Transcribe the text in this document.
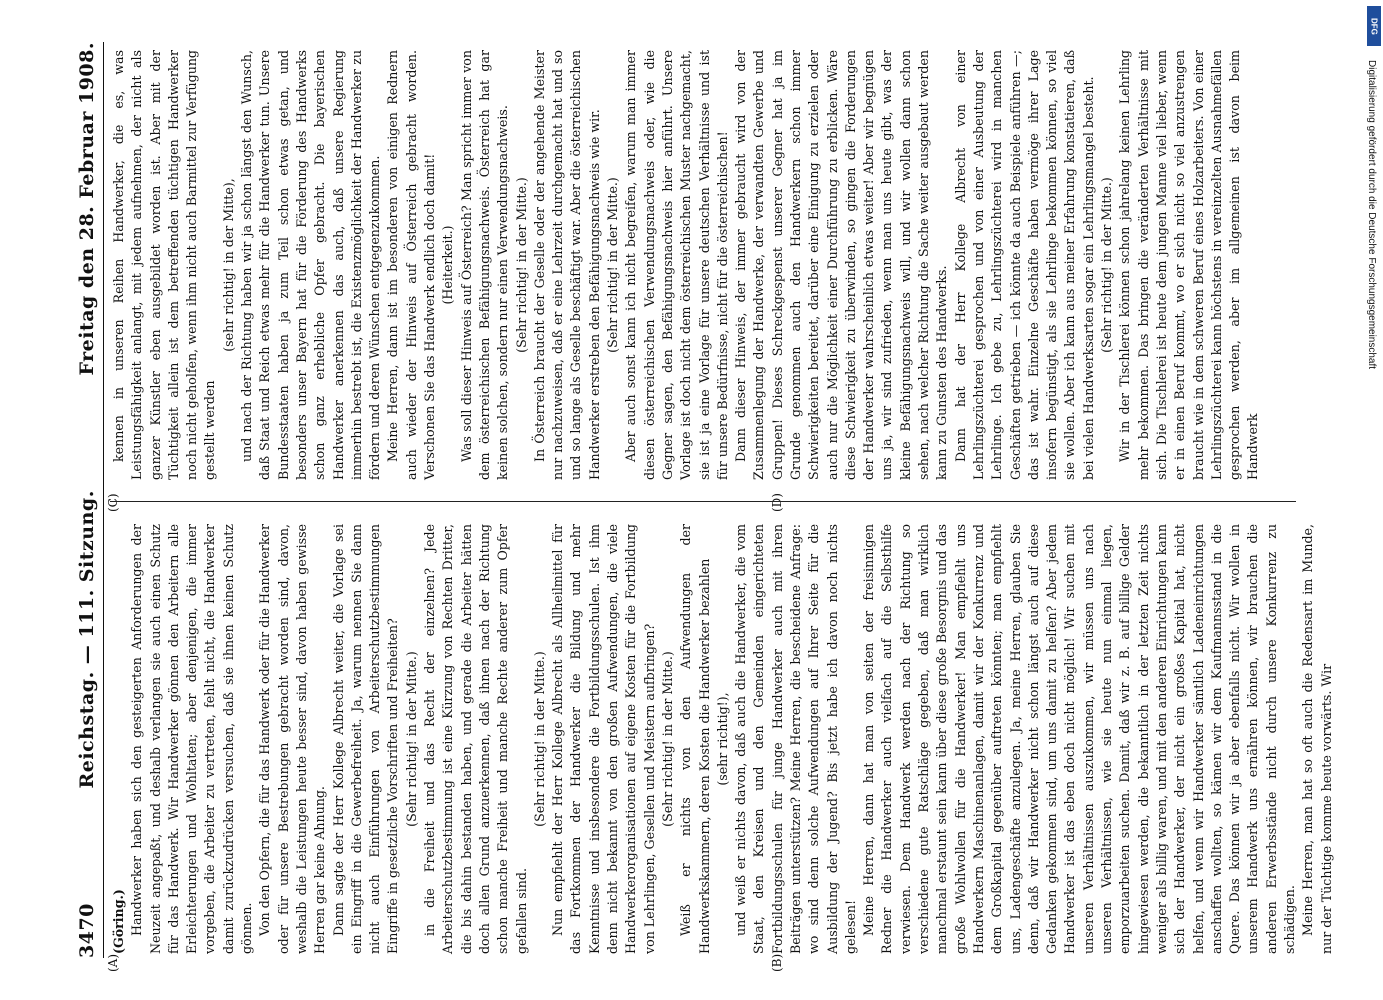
3470
Reichstag. — 111. Sitzung.
Freitag den 28. Februar 1908.
(A)	(B)
(C)	(D)

(Göring.) Handwerker haben sich den gesteigerten Anforderungen der Neuzeit angepaßt, und deshalb verlangen sie auch einen Schutz für das Handwerk. Wir Handwerker gönnen den Arbeitern alle Erleichterungen und Wohltaten; aber denjenigen, die immer vorgeben, die Arbeiter zu vertreten, fehlt nicht, die Handwerker damit zurückzudrücken versuchen, daß sie ihnen keinen Schutz gönnen. Von den Opfern, die für das Handwerk oder für die Handwerker oder für unsere Bestrebungen gebracht worden sind, davon, weshalb die Leistungen heute besser sind, davon haben gewisse Herren gar keine Ahnung. Dann sagte der Herr Kollege Albrecht weiter, die Vorlage sei ein Eingriff in die Gewerbefreiheit. Ja, warum nennen Sie dann nicht auch Einführungen von Arbeiterschutzbestimmungen Eingriffe in gesetzliche Vorschriften und Freiheiten? (Sehr richtig! in der Mitte.) in die Freiheit und das Recht der einzelnen? Jede Arbeiterschutzbestimmung ist eine Kürzung von Rechten Dritter, die bis dahin bestanden haben, und gerade die Arbeiter hätten doch allen Grund anzuerkennen, daß ihnen nach der Richtung schon manche Freiheit und manche Rechte anderer zum Opfer gefallen sind.

(Sehr richtig! in der Mitte.) Nun empfiehlt der Herr Kollege Albrecht als Allheilmittel für das Fortkommen der Handwerker die Bildung und mehr Kenntnisse und insbesondere die Fortbildungsschulen. Ist ihm denn nicht bekannt von den großen Aufwendungen, die viele Handwerkerorganisationen auf eigene Kosten für die Fortbildung von Lehrlingen, Gesellen und Meistern aufbringen? (Sehr richtig! in der Mitte.) Weiß er nichts von den Aufwendungen der Handwerkskammern, deren Kosten die Handwerker bezahlen (sehr richtig!), und weiß er nichts davon, daß auch die Handwerker, die vom Staat, den Kreisen und den Gemeinden eingerichteten Fortbildungsschulen für junge Handwerker auch mit ihren Beiträgen unterstützen? Meine Herren, die bescheidene Anfrage: wo sind denn solche Aufwendungen auf Ihrer Seite für die Ausbildung der Jugend? Bis jetzt habe ich davon noch nichts gelesen! Meine Herren, dann hat man von seiten der freisinnigen Redner die Handwerker auch vielfach auf die Selbsthilfe verwiesen. Dem Handwerk werden nach der Richtung so verschiedene gute Ratschläge gegeben, daß man wirklich manchmal erstaunt sein kann über diese große Besorgnis und das große Wohlwollen für die Handwerker! Man empfiehlt uns Handwerkern Maschinenanlagen, damit wir der Konkurrenz und dem Großkapital gegenüber auftreten könnten; man empfiehlt uns, Ladengeschäfte anzulegen. Ja, meine Herren, glauben Sie denn, daß wir Handwerker nicht schon längst auch auf diese Gedanken gekommen sind, um uns damit zu helfen? Aber jedem Handwerker ist das eben doch nicht möglich! Wir suchen mit unseren Verhältnissen auszukommen, wir müssen uns nach unseren Verhältnissen, wie sie heute nun einmal liegen, emporzuarbeiten suchen. Damit, daß wir z. B. auf billige Gelder hingewiesen werden, die bekanntlich in der letzten Zeit nichts weniger als billig waren, und mit den anderen Einrichtungen kann sich der Handwerker, der nicht ein großes Kapital hat, nicht helfen, und wenn wir Handwerker sämtlich Ladeneinrichtungen anschaffen wollten, so kämen wir dem Kaufmannsstand in die Quere. Das können wir ja aber ebenfalls nicht. Wir wollen in unserem Handwerk uns ernähren können, wir brauchen die anderen Erwerbsstände nicht durch unsere Konkurrenz zu schädigen. Meine Herren, man hat so oft auch die Redensart im Munde, nur der Tüchtige komme heute vorwärts. Wir

kennen in unseren Reihen Handwerker, die es, was Leistungsfähigkeit anlangt, mit jedem aufnehmen, der nicht als ganzer Künstler eben ausgebildet worden ist. Aber mit der Tüchtigkeit allein ist dem betreffenden tüchtigen Handwerker noch nicht geholfen, wenn ihm nicht auch Barmittel zur Verfügung gestellt werden

(sehr richtig! in der Mitte), und nach der Richtung haben wir ja schon längst den Wunsch, daß Staat und Reich etwas mehr für die Handwerker tun. Unsere Bundesstaaten haben ja zum Teil schon etwas getan, und besonders unser Bayern hat für die Förderung des Handwerks schon ganz erhebliche Opfer gebracht. Die bayerischen Handwerker anerkennen das auch, daß unsere Regierung immerhin bestrebt ist, die Existenzmöglichkeit der Handwerker zu fördern und deren Wünschen entgegenzukommen. Meine Herren, dann ist im besonderen von einigen Rednern auch wieder der Hinweis auf Österreich gebracht worden. Verschonen Sie das Handwerk endlich doch damit! (Heiterkeit.) Was soll dieser Hinweis auf Österreich? Man spricht immer von dem österreichischen Befähigungsnachweis. Österreich hat gar keinen solchen, sondern nur einen Verwendungsnachweis. (Sehr richtig! in der Mitte.) In Österreich braucht der Geselle oder der angehende Meister nur nachzuweisen, daß er eine Lehrzeit durchgemacht hat und so und so lange als Geselle beschäftigt war. Aber die österreichischen Handwerker erstreben den Befähigungsnachweis wie wir. (Sehr richtig! in der Mitte.) Aber auch sonst kann ich nicht begreifen, warum man immer diesen österreichischen Verwendungsnachweis oder, wie die Gegner sagen, den Befähigungsnachweis hier anführt. Unsere Vorlage ist doch nicht dem österreichischen Muster nachgemacht, sie ist ja eine Vorlage für unsere deutschen Verhältnisse und ist für unsere Bedürfnisse, nicht für die österreichischen! Dann dieser Hinweis, der immer gebraucht wird von der Zusammenlegung der Handwerke, der verwandten Gewerbe und Gruppen! Dieses Schreckgespenst unserer Gegner hat ja im Grunde genommen auch den Handwerkern schon immer Schwierigkeiten bereitet, darüber eine Einigung zu erzielen oder auch nur die Möglichkeit einer Durchführung zu erblicken. Wäre diese Schwierigkeit zu überwinden, so gingen die Forderungen der Handwerker wahrscheinlich etwas weiter! Aber wir begnügen uns ja, wir sind zufrieden, wenn man uns heute gibt, was der kleine Befähigungsnachweis will, und wir wollen dann schon sehen, nach welcher Richtung die Sache weiter ausgebaut werden kann zu Gunsten des Handwerks. Dann hat der Herr Kollege Albrecht von einer Lehrlingszüchterei gesprochen und von einer Ausbeutung der Lehrlinge. Ich gebe zu, Lehrlingszüchterei wird in manchen Geschäften getrieben — ich könnte da auch Beispiele anführen —; das ist wahr. Einzelne Geschäfte haben vermöge ihrer Lage insofern begünstigt, als sie Lehrlinge bekommen können, so viel sie wollen. Aber ich kann aus meiner Erfahrung konstatieren, daß bei vielen Handwerksarten sogar ein Lehrlingsmangel besteht. (Sehr richtig! in der Mitte.) Wir in der Tischlerei können schon jahrelang keinen Lehrling mehr bekommen. Das bringen die veränderten Verhältnisse mit sich. Die Tischlerei ist heute dem jungen Manne viel lieber, wenn er in einen Beruf kommt, wo er sich nicht so viel anzustrengen braucht wie in dem schweren Beruf eines Holzarbeiters. Von einer Lehrlingszüchterei kann höchstens in vereinzelten Ausnahmefällen gesprochen werden, aber im allgemeinen ist davon beim Handwerk

DFG
Digitalisierung gefördert durch die Deutsche Forschungsgemeinschaft
